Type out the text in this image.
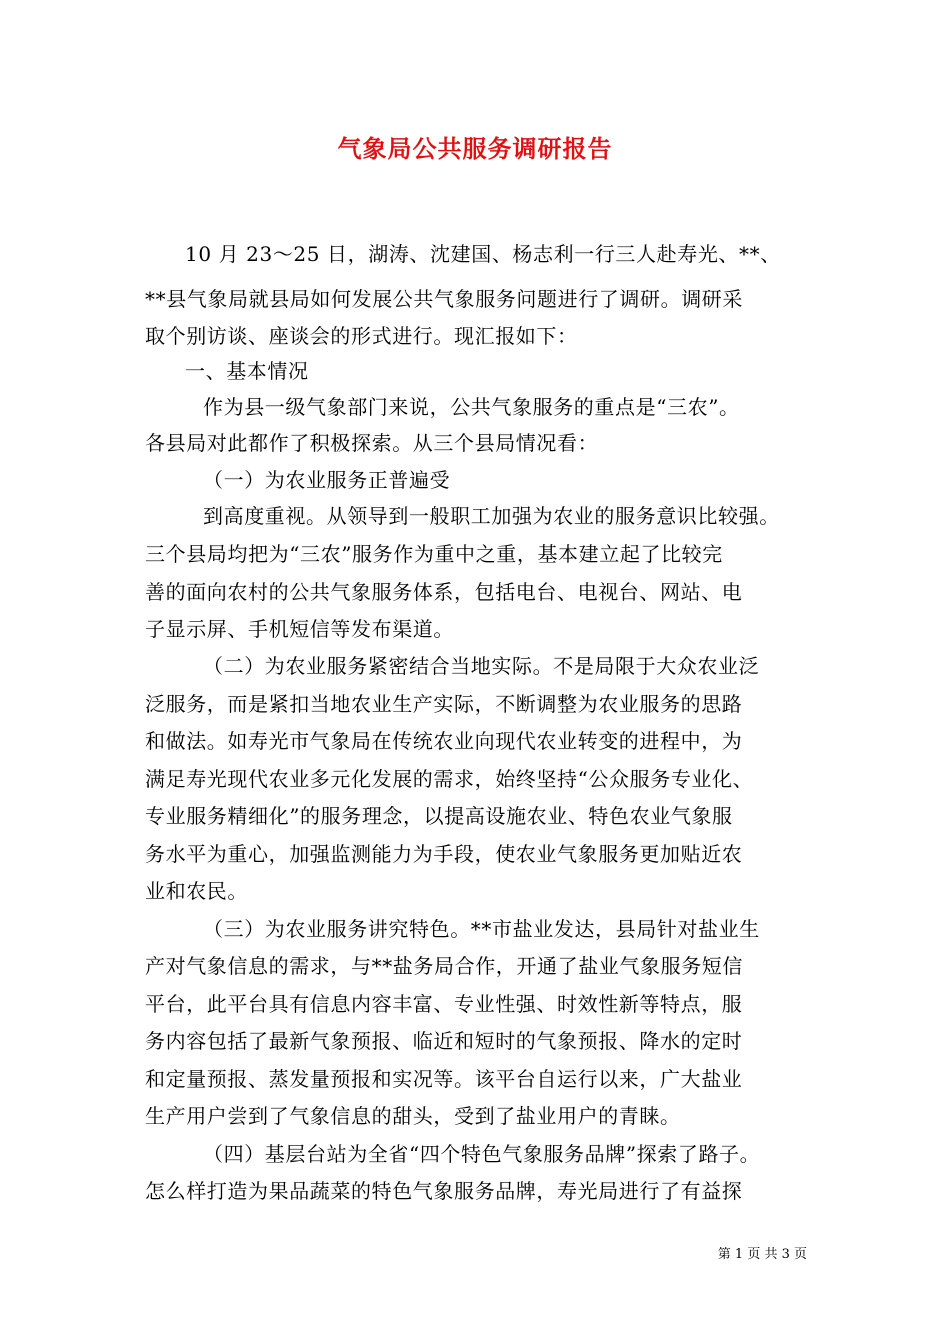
气象局公共服务调研报告
10 月 23～25 日，湖涛、沈建国、杨志利一行三人赴寿光、**、
**县气象局就县局如何发展公共气象服务问题进行了调研。调研采
取个别访谈、座谈会的形式进行。现汇报如下：
一、基本情况
作为县一级气象部门来说，公共气象服务的重点是“三农”。
各县局对此都作了积极探索。从三个县局情况看：
（一）为农业服务正普遍受
到高度重视。从领导到一般职工加强为农业的服务意识比较强。
三个县局均把为“三农”服务作为重中之重，基本建立起了比较完
善的面向农村的公共气象服务体系，包括电台、电视台、网站、电
子显示屏、手机短信等发布渠道。
（二）为农业服务紧密结合当地实际。不是局限于大众农业泛
泛服务，而是紧扣当地农业生产实际，不断调整为农业服务的思路
和做法。如寿光市气象局在传统农业向现代农业转变的进程中，为
满足寿光现代农业多元化发展的需求，始终坚持“公众服务专业化、
专业服务精细化”的服务理念，以提高设施农业、特色农业气象服
务水平为重心，加强监测能力为手段，使农业气象服务更加贴近农
业和农民。
（三）为农业服务讲究特色。**市盐业发达，县局针对盐业生
产对气象信息的需求，与**盐务局合作，开通了盐业气象服务短信
平台，此平台具有信息内容丰富、专业性强、时效性新等特点，服
务内容包括了最新气象预报、临近和短时的气象预报、降水的定时
和定量预报、蒸发量预报和实况等。该平台自运行以来，广大盐业
生产用户尝到了气象信息的甜头，受到了盐业用户的青睐。
（四）基层台站为全省“四个特色气象服务品牌”探索了路子。
怎么样打造为果品蔬菜的特色气象服务品牌，寿光局进行了有益探
第 1 页 共 3 页
